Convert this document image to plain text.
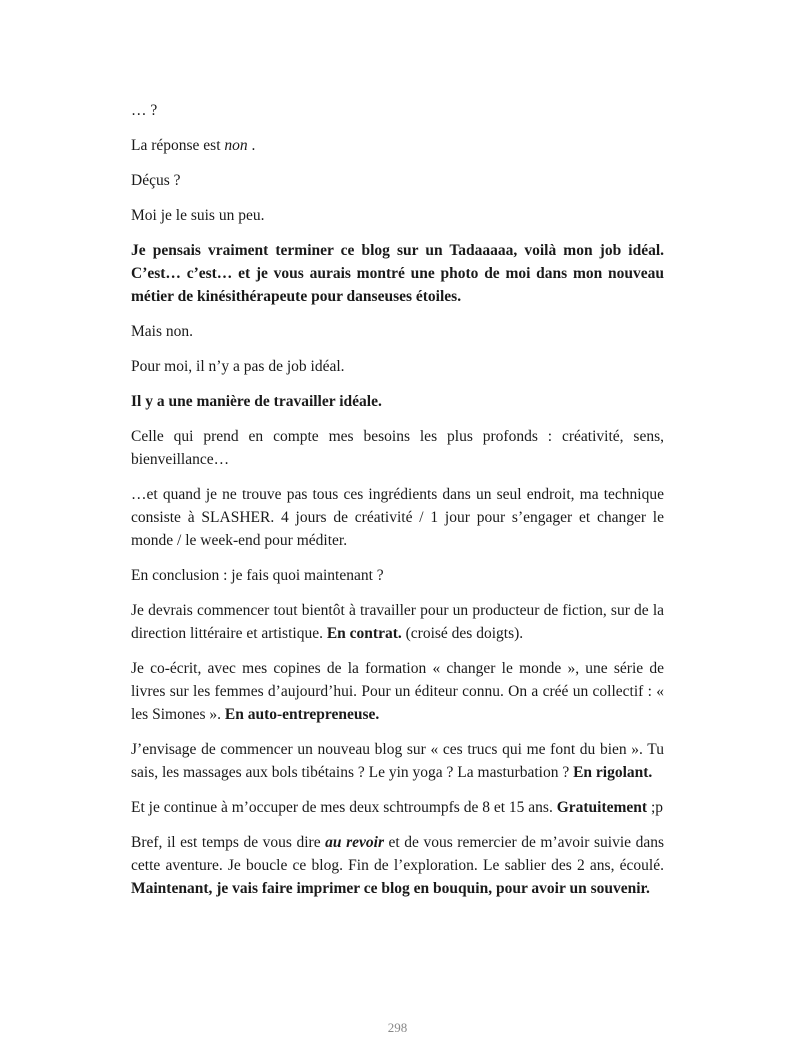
… ?

La réponse est non .

Déçus ?

Moi je le suis un peu.

Je pensais vraiment terminer ce blog sur un Tadaaaaa, voilà mon job idéal. C’est… c’est… et je vous aurais montré une photo de moi dans mon nouveau métier de kinésithérapeute pour danseuses étoiles.

Mais non.

Pour moi, il n’y a pas de job idéal.

Il y a une manière de travailler idéale.

Celle qui prend en compte mes besoins les plus profonds : créativité, sens, bienveillance…

…et quand je ne trouve pas tous ces ingrédients dans un seul endroit, ma technique consiste à SLASHER. 4 jours de créativité / 1 jour pour s’engager et changer le monde / le week-end pour méditer.

En conclusion : je fais quoi maintenant ?

Je devrais commencer tout bientôt à travailler pour un producteur de fiction, sur de la direction littéraire et artistique. En contrat. (croisé des doigts).

Je co-écrit, avec mes copines de la formation « changer le monde », une série de livres sur les femmes d’aujourd’hui. Pour un éditeur connu. On a créé un collectif : « les Simones ». En auto-entrepreneuse.

J’envisage de commencer un nouveau blog sur « ces trucs qui me font du bien ». Tu sais, les massages aux bols tibétains ? Le yin yoga ? La masturbation ? En rigolant.

Et je continue à m’occuper de mes deux schtroumpfs de 8 et 15 ans. Gratuitement ;p

Bref, il est temps de vous dire au revoir et de vous remercier de m’avoir suivie dans cette aventure. Je boucle ce blog. Fin de l’exploration. Le sablier des 2 ans, écoulé. Maintenant, je vais faire imprimer ce blog en bouquin, pour avoir un souvenir.

298
